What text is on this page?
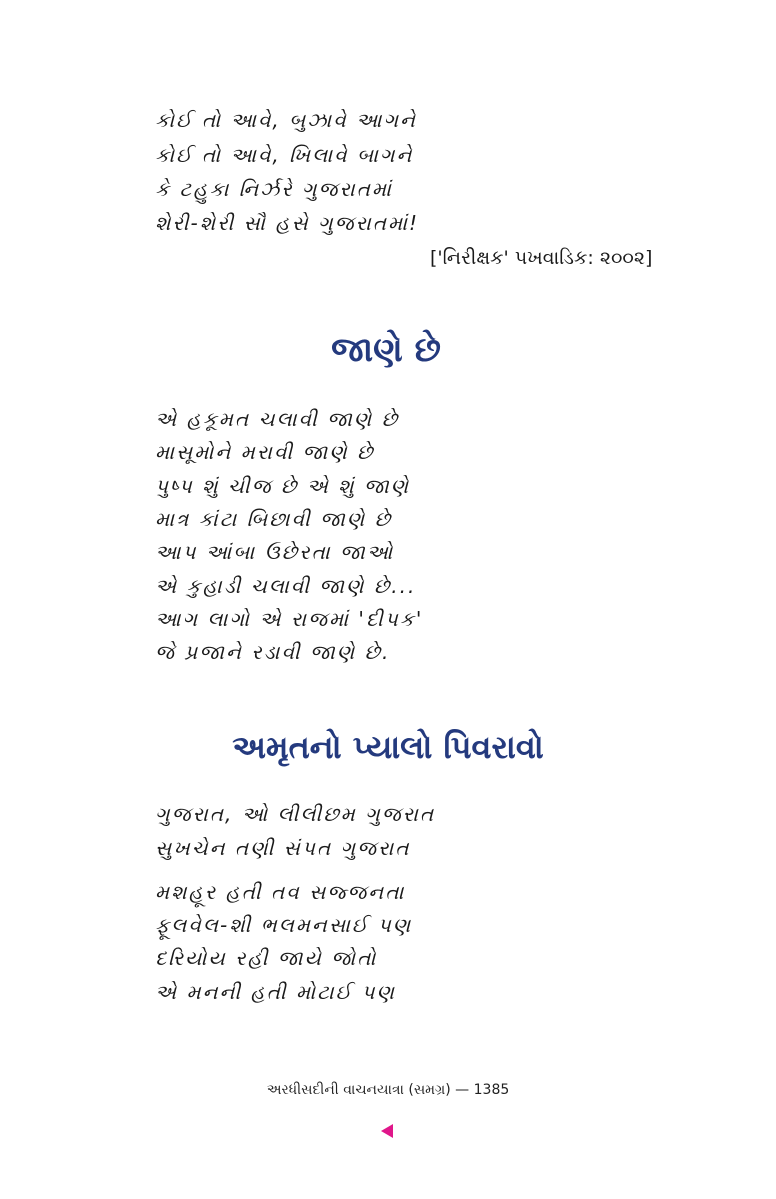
કોઈ તો આવે, બુઝાવે આગને
કોઈ તો આવે, ખિલાવે બાગને
કે ટહુકા નિર્ઝરે ગુજરાતમાં
શેરી-શેરી સૌ હસે ગુજરાતમાં!
['નિરીક્ષક' પખવાડિક: ૨૦૦૨]
જાણે છે
એ હકૂમત ચલાવી જાણે છે
માસૂમોને મરાવી જાણે છે
પુષ્પ શું ચીજ છે એ શું જાણે
માત્ર કાંટા બિછાવી જાણે છે
આપ આંબા ઉછેરતા જાઓ
એ કુહાડી ચલાવી જાણે છે...
આગ લાગો એ રાજમાં 'દીપક'
જે પ્રજાને રડાવી જાણે છે.
અમૃતનો પ્યાલો પિવરાવો
ગુજરાત, ઓ લીલીછમ ગુજરાત
સુખચેન તણી સંપત ગુજરાત
મશહૂર હતી તવ સજ્જનતા
ફૂલવેલ-શી ભલમનસાઈ પણ
દરિયોય રહી જાયે જોતો
એ મનની હતી મોટાઈ પણ
અરધીસદીની વાચનયાત્રા (સમગ્ર) — 1385
